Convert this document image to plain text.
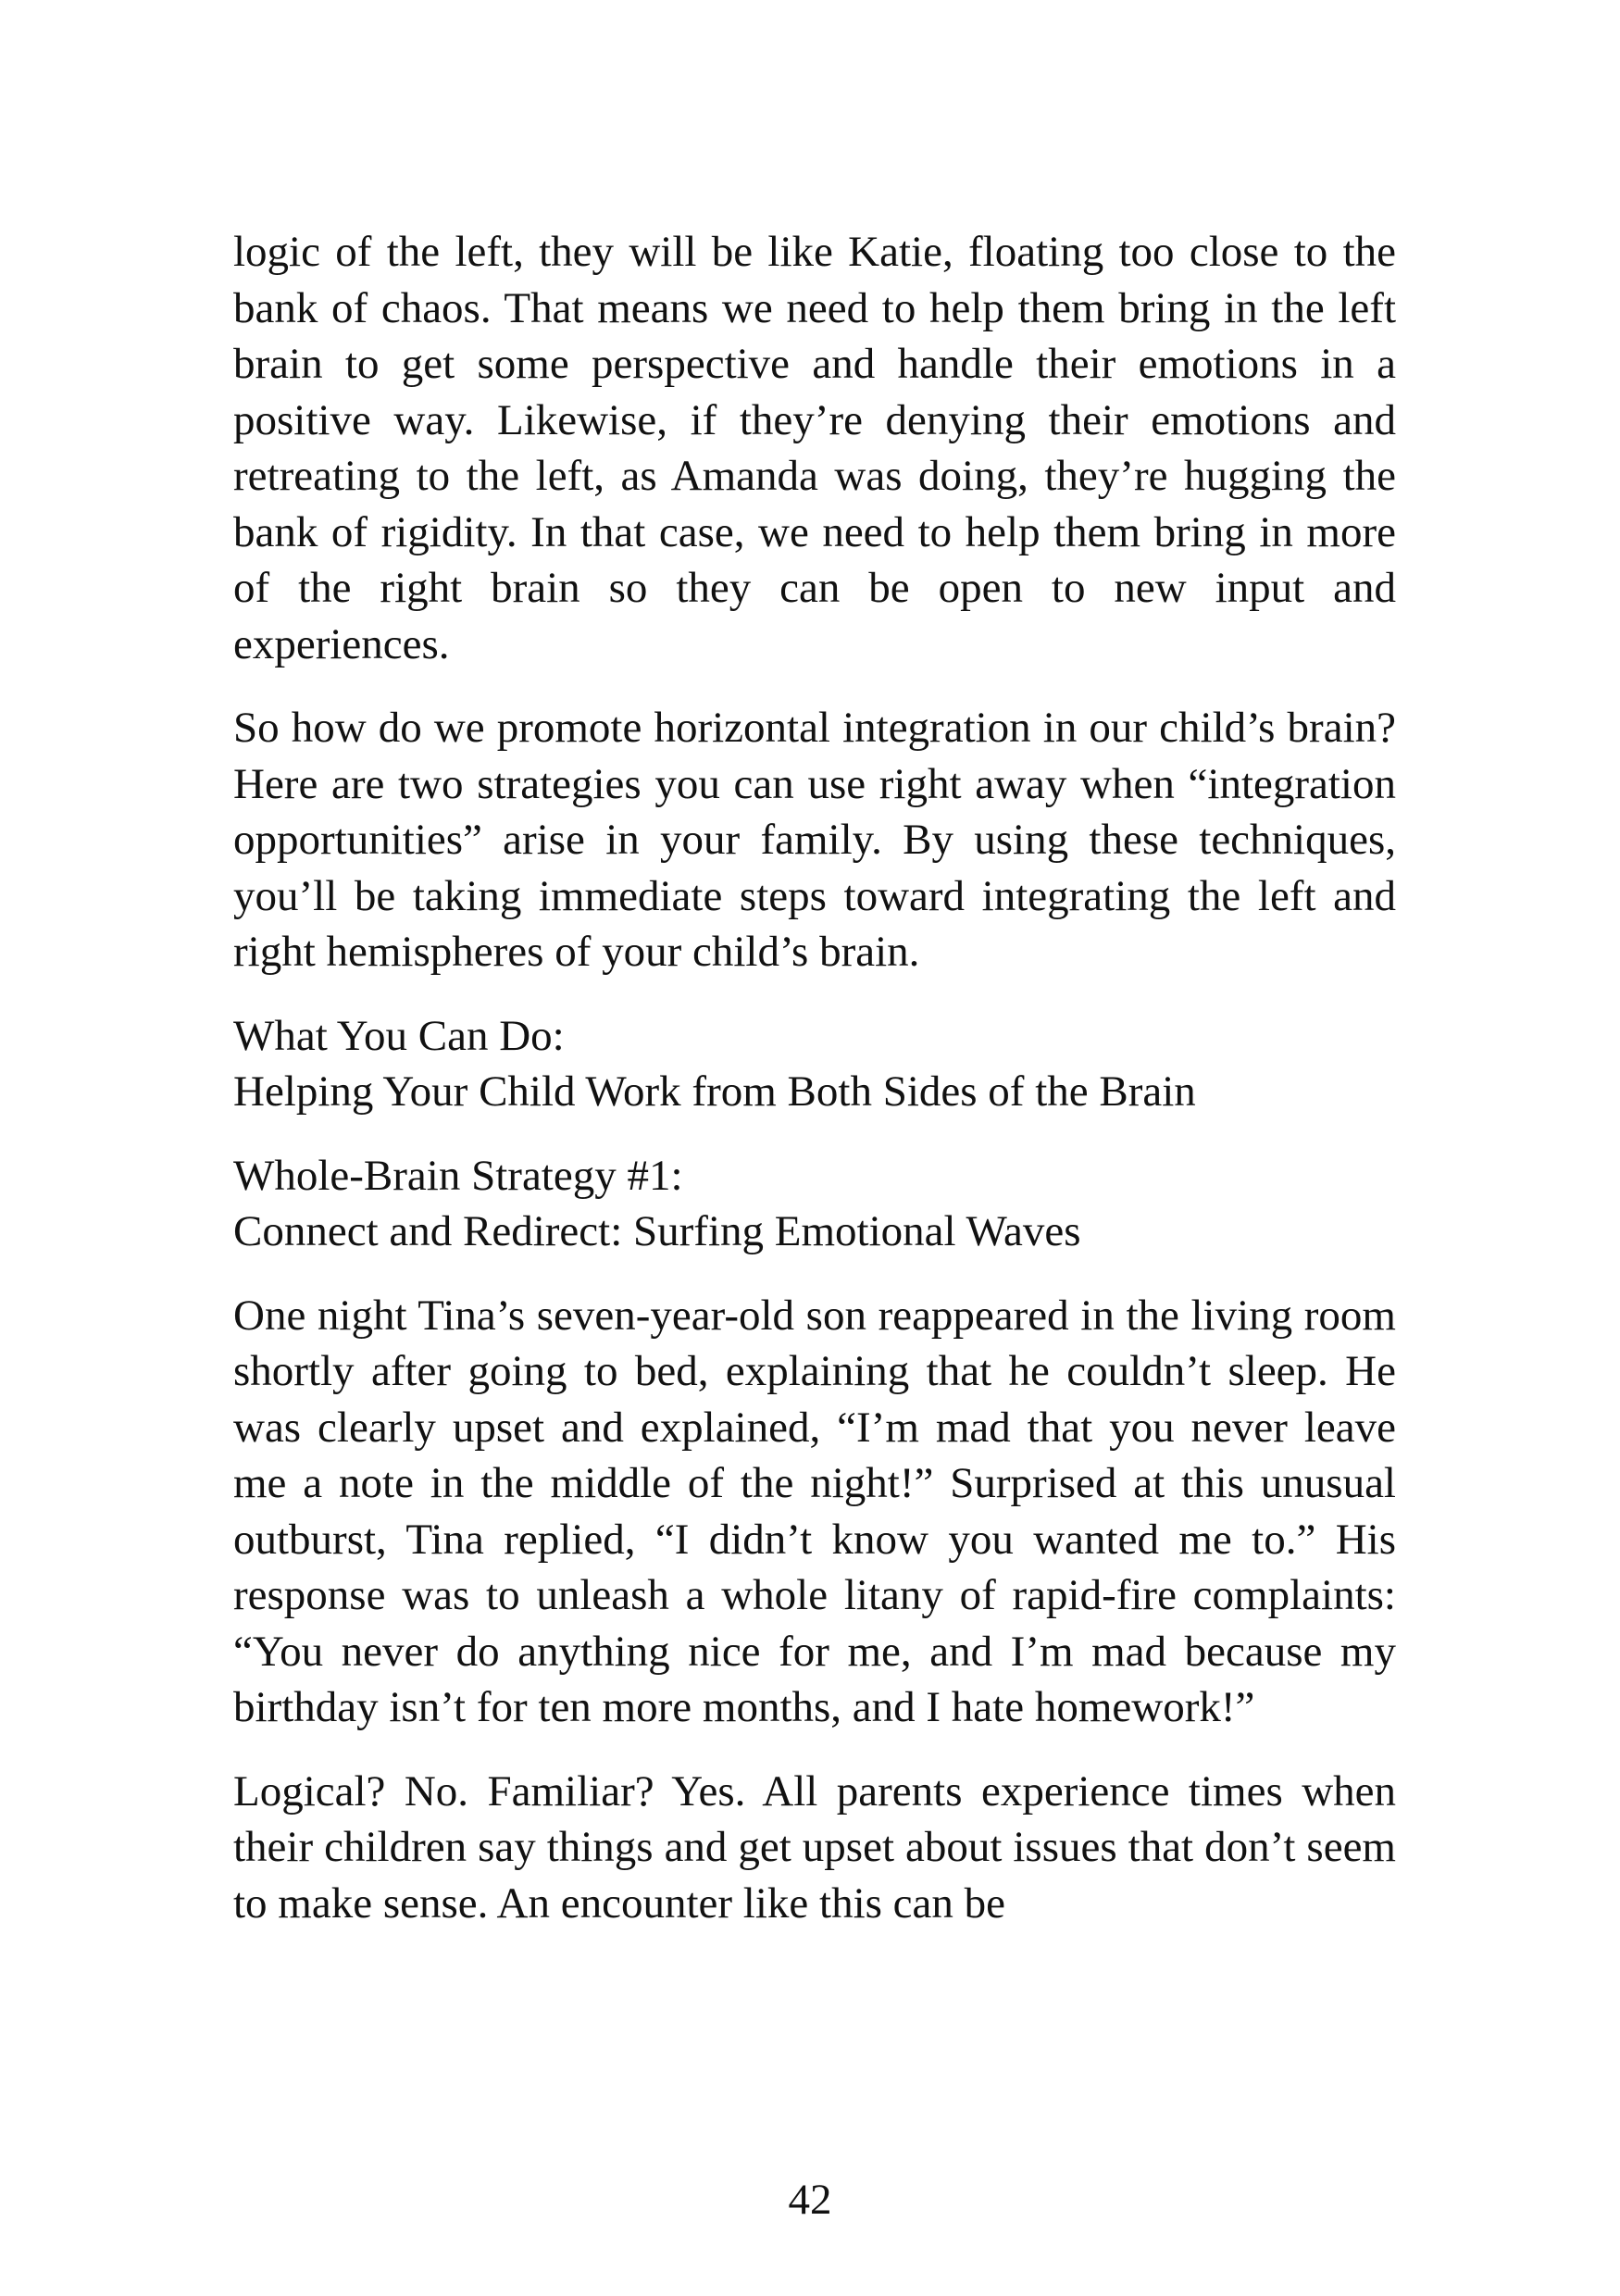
logic of the left, they will be like Katie, floating too close to the bank of chaos. That means we need to help them bring in the left brain to get some perspective and handle their emotions in a positive way. Likewise, if they’re denying their emotions and retreating to the left, as Amanda was doing, they’re hugging the bank of rigidity. In that case, we need to help them bring in more of the right brain so they can be open to new input and experiences.

So how do we promote horizontal integration in our child’s brain? Here are two strategies you can use right away when “integration opportunities” arise in your family. By using these techniques, you’ll be taking immediate steps toward integrating the left and right hemispheres of your child’s brain.

What You Can Do:
Helping Your Child Work from Both Sides of the Brain
Whole-Brain Strategy #1:
Connect and Redirect: Surfing Emotional Waves

One night Tina’s seven-year-old son reappeared in the living room shortly after going to bed, explaining that he couldn’t sleep. He was clearly upset and explained, “I’m mad that you never leave me a note in the middle of the night!” Surprised at this unusual outburst, Tina replied, “I didn’t know you wanted me to.” His response was to unleash a whole litany of rapid-fire complaints: “You never do anything nice for me, and I’m mad because my birthday isn’t for ten more months, and I hate homework!”

Logical? No. Familiar? Yes. All parents experience times when their children say things and get upset about issues that don’t seem to make sense. An encounter like this can be

42
